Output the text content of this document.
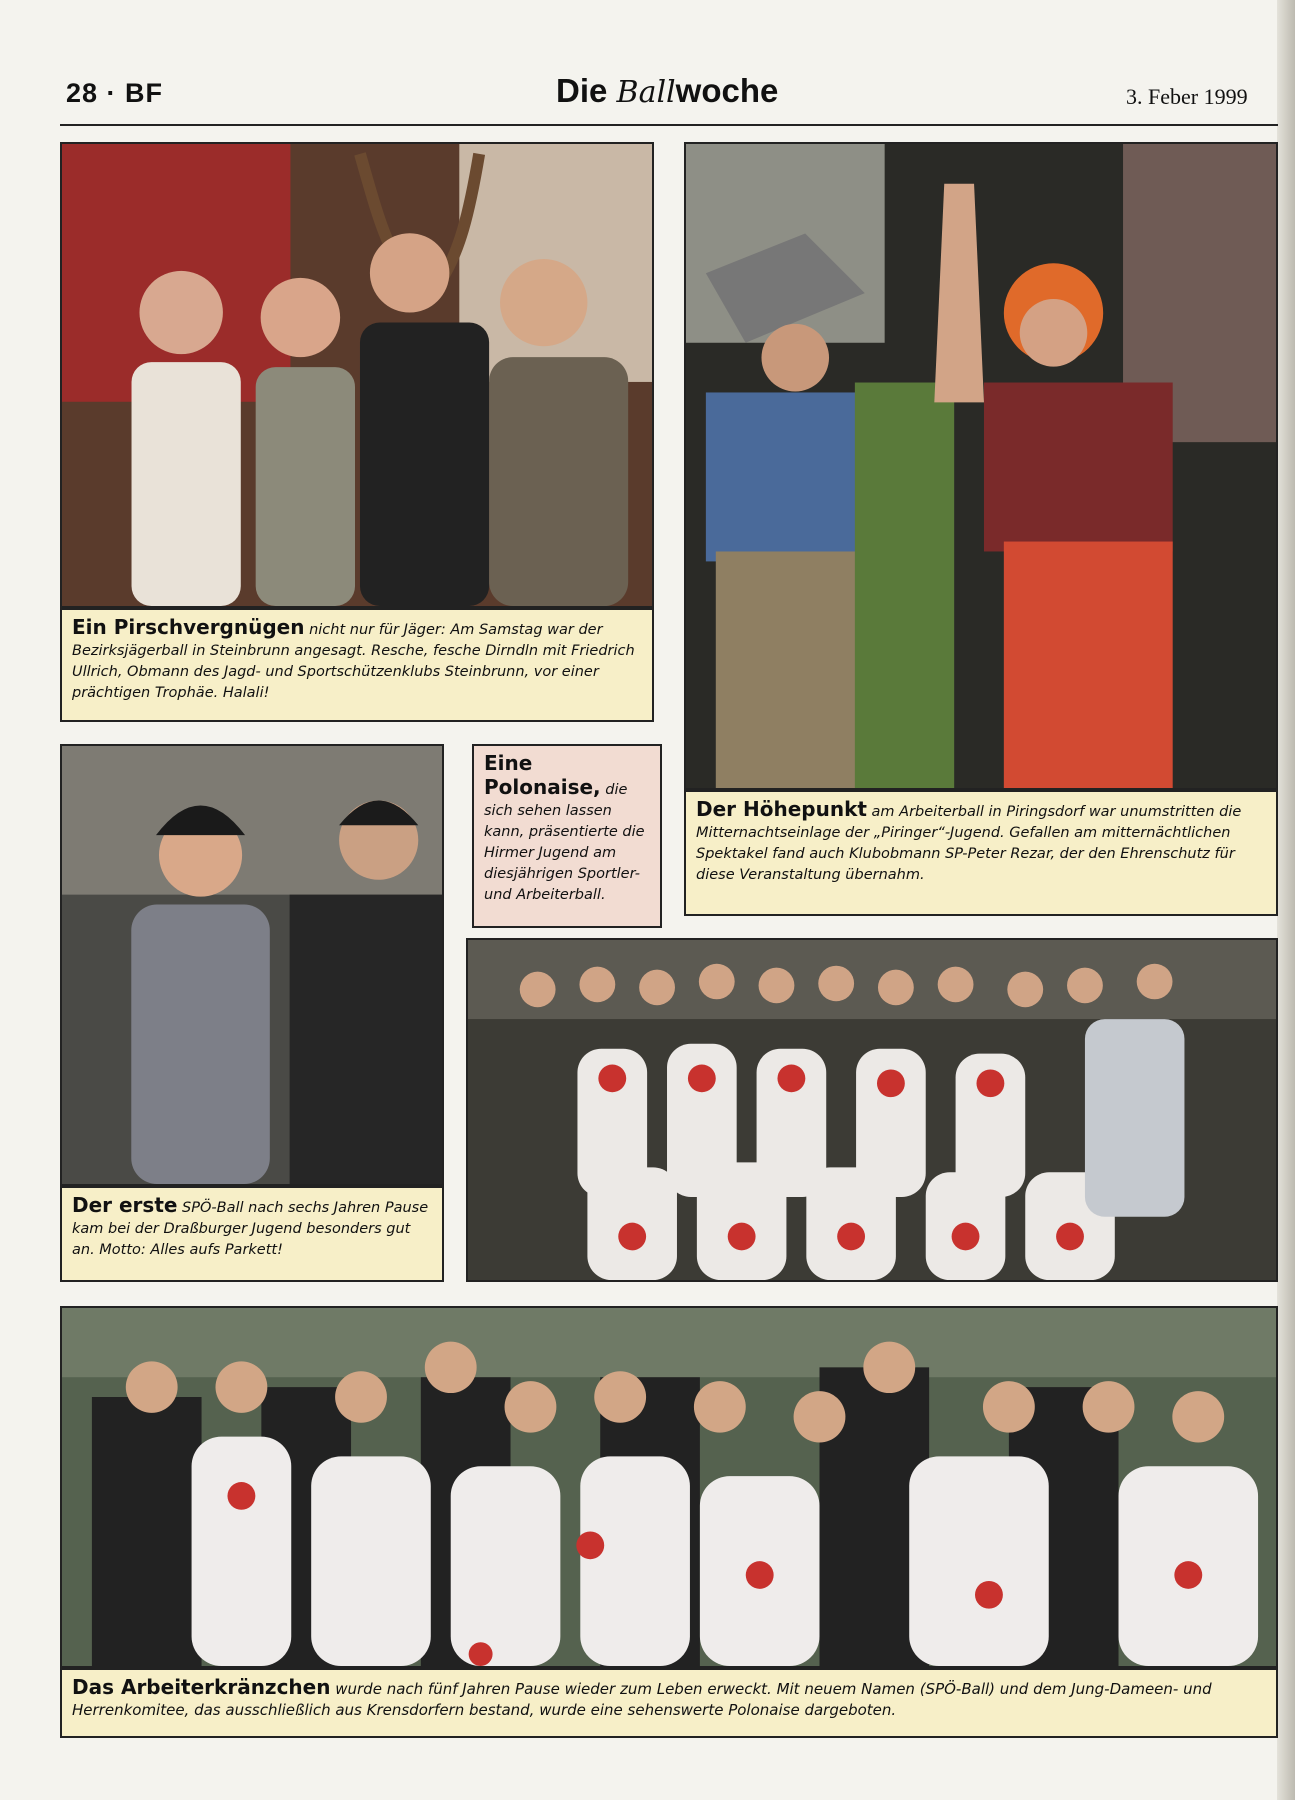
28 · BF	Die Ballwoche	3. Feber 1999
Ein Pirschvergnügen nicht nur für Jäger: Am Samstag war der Bezirksjägerball in Steinbrunn angesagt. Resche, fesche Dirndln mit Friedrich Ullrich, Obmann des Jagd- und Sportschützenklubs Steinbrunn, vor einer prächtigen Trophäe. Halali!
Der Höhepunkt am Arbeiterball in Piringsdorf war unumstritten die Mitternachtseinlage der „Piringer“-Jugend. Gefallen am mitternächtlichen Spektakel fand auch Klubobmann SP-Peter Rezar, der den Ehrenschutz für diese Veranstaltung übernahm.
Der erste SPÖ-Ball nach sechs Jahren Pause kam bei der Draßburger Jugend besonders gut an. Motto: Alles aufs Parkett!
Eine Polonaise, die sich sehen lassen kann, präsentierte die Hirmer Jugend am diesjährigen Sportler- und Arbeiterball.
Das Arbeiterkränzchen wurde nach fünf Jahren Pause wieder zum Leben erweckt. Mit neuem Namen (SPÖ-Ball) und dem Jung-Dameen- und Herrenkomitee, das ausschließlich aus Krensdorfern bestand, wurde eine sehenswerte Polonaise dargeboten.
